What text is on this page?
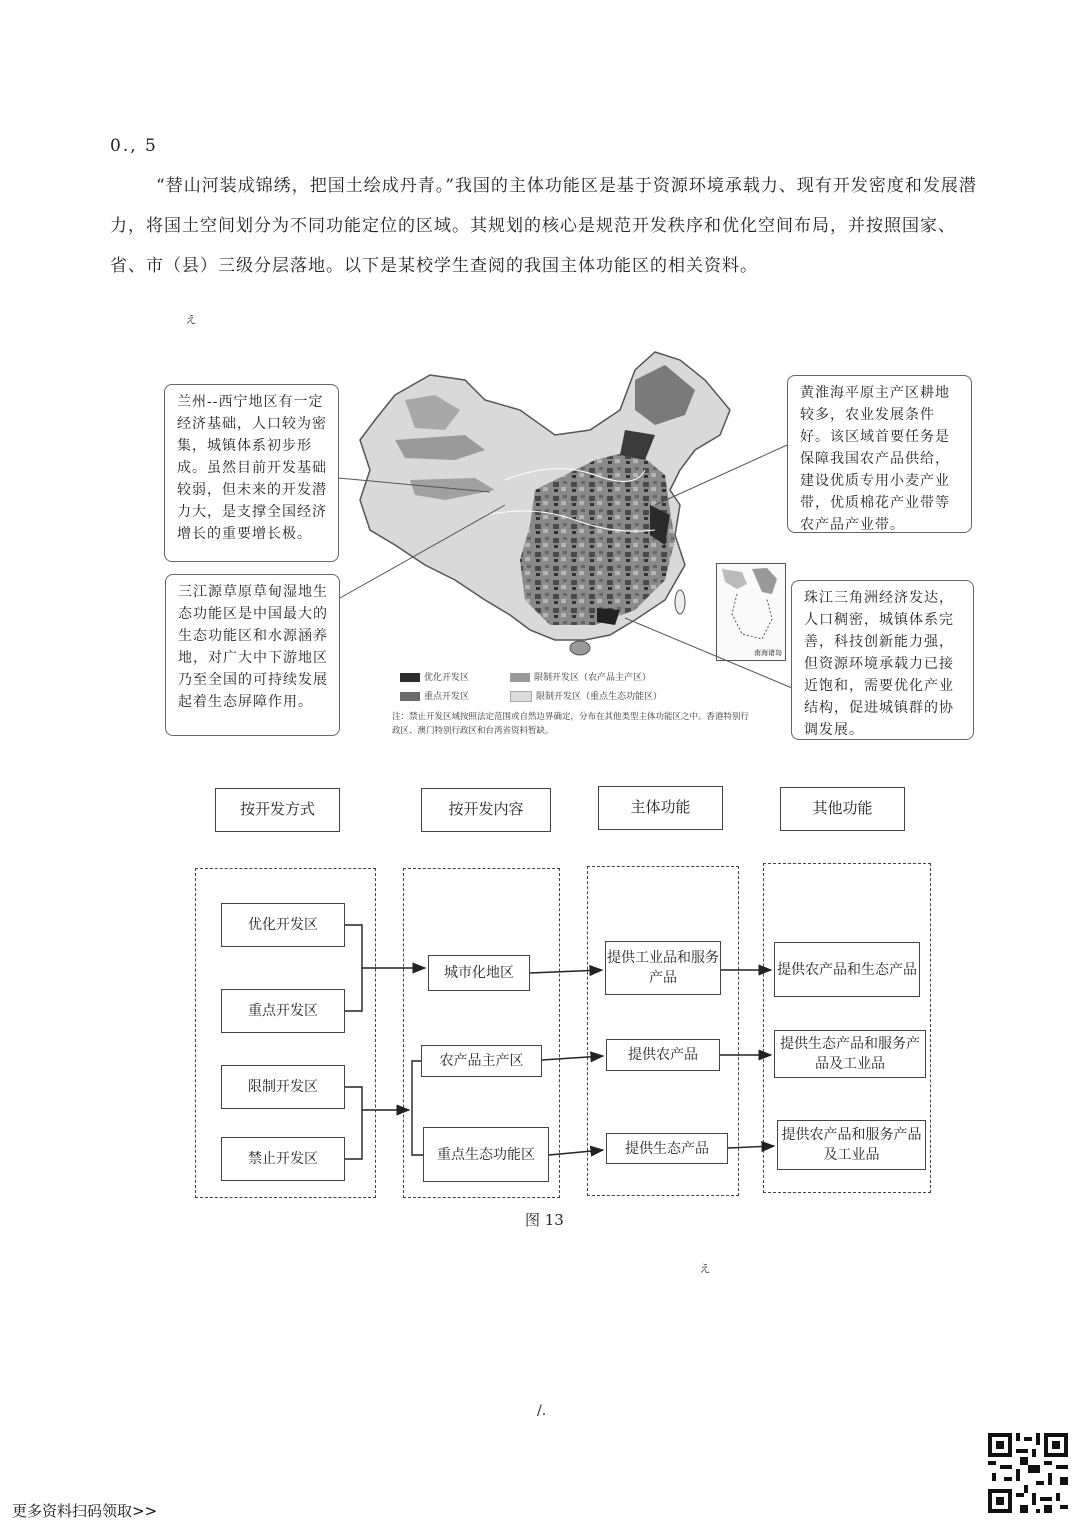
0., 5
“替山河装成锦绣，把国土绘成丹青。”我国的主体功能区是基于资源环境承载力、现有开发密度和发展潜力，将国土空间划分为不同功能定位的区域。其规划的核心是规范开发秩序和优化空间布局，并按照国家、省、市（县）三级分层落地。以下是某校学生查阅的我国主体功能区的相关资料。
ぇ
南海诸岛
优化开发区	限制开发区（农产品主产区）
重点开发区	限制开发区（重点生态功能区）
注：禁止开发区域按照法定范围或自然边界确定，分布在其他类型主体功能区之中。香港特别行政区、澳门特别行政区和台湾省资料暂缺。
兰州--西宁地区有一定经济基础，人口较为密集，城镇体系初步形成。虽然目前开发基础较弱，但未来的开发潜力大，是支撑全国经济增长的重要增长极。
三江源草原草甸湿地生态功能区是中国最大的生态功能区和水源涵养地，对广大中下游地区乃至全国的可持续发展起着生态屏障作用。
黄淮海平原主产区耕地较多，农业发展条件好。该区域首要任务是保障我国农产品供给，建设优质专用小麦产业带，优质棉花产业带等农产品产业带。
珠江三角洲经济发达，人口稠密，城镇体系完善，科技创新能力强，但资源环境承载力已接近饱和，需要优化产业结构，促进城镇群的协调发展。
按开发方式	按开发内容	主体功能	其他功能
优化开发区
重点开发区
限制开发区
禁止开发区
城市化地区
农产品主产区
重点生态功能区
提供工业品和服务产品
提供农产品
提供生态产品
提供农产品和生态产品
提供生态产品和服务产品及工业品
提供农产品和服务产品及工业品
图 13
ぇ
/.
更多资料扫码领取>>
